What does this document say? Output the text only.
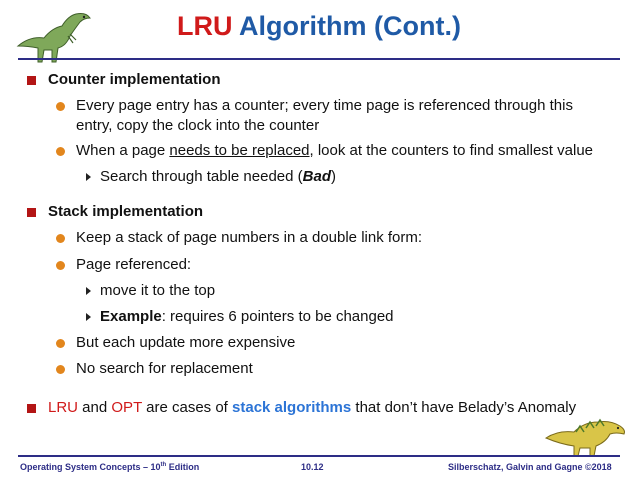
LRU Algorithm (Cont.)
Counter implementation
Every page entry has a counter; every time page is referenced through this
entry, copy the clock into the counter
When a page needs to be replaced, look at the counters to find smallest value
Search through table needed (Bad)
Stack implementation
Keep a stack of page numbers in a double link form:
Page referenced:
move it to the top
Example: requires 6 pointers to be changed
But each update more expensive
No search for replacement
LRU and OPT are cases of stack algorithms that don’t have Belady’s Anomaly
Operating System Concepts – 10th Edition	10.12	Silberschatz, Galvin and Gagne ©2018
